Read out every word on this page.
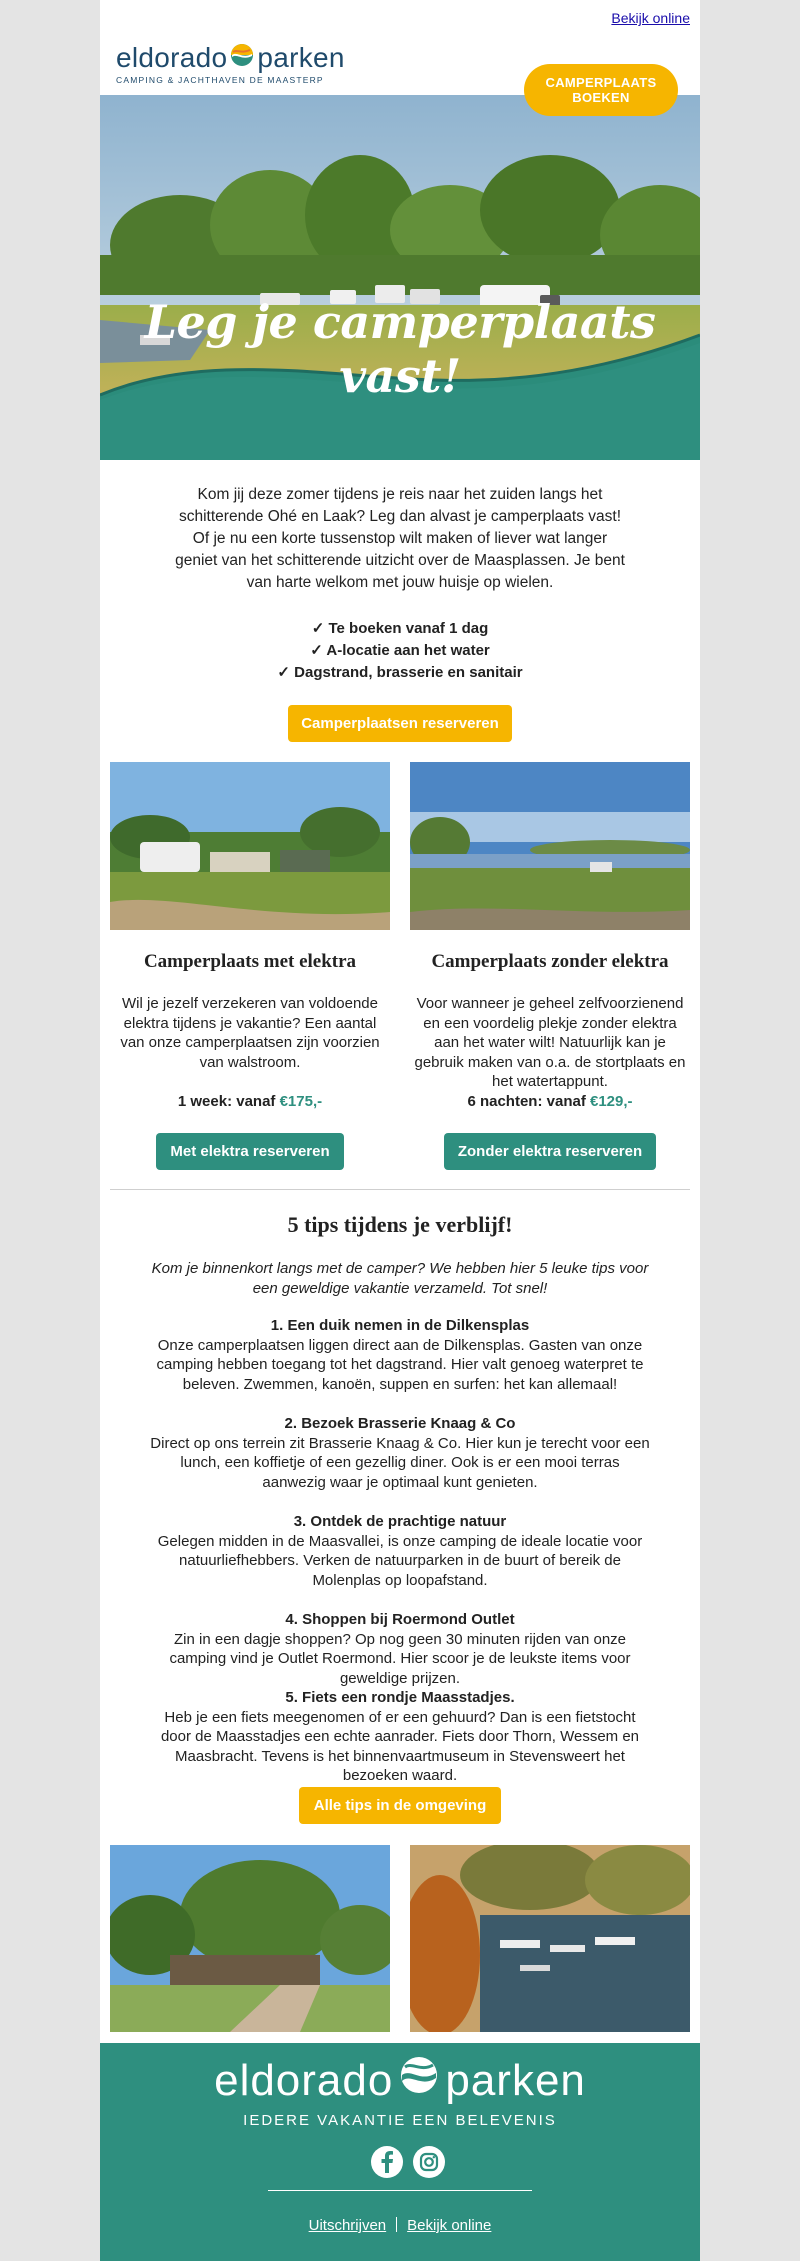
Bekijk online
eldorado parken
CAMPING & JACHTHAVEN DE MAASTERP	CAMPERPLAATS
BOEKEN
Leg je camperplaats vast!
Kom jij deze zomer tijdens je reis naar het zuiden langs het schitterende Ohé en Laak? Leg dan alvast je camperplaats vast! Of je nu een korte tussenstop wilt maken of liever wat langer geniet van het schitterende uitzicht over de Maasplassen. Je bent van harte welkom met jouw huisje op wielen.
✓ Te boeken vanaf 1 dag
✓ A-locatie aan het water
✓ Dagstrand, brasserie en sanitair
Camperplaatsen reserveren
Camperplaats met elektra	Camperplaats zonder elektra
Wil je jezelf verzekeren van voldoende elektra tijdens je vakantie? Een aantal van onze camperplaatsen zijn voorzien van walstroom.
Voor wanneer je geheel zelfvoorzienend en een voordelig plekje zonder elektra aan het water wilt! Natuurlijk kan je gebruik maken van o.a. de stortplaats en het watertappunt.
1 week: vanaf €175,-	6 nachten: vanaf €129,-
Met elektra reserveren	Zonder elektra reserveren
5 tips tijdens je verblijf!
Kom je binnenkort langs met de camper? We hebben hier 5 leuke tips voor een geweldige vakantie verzameld. Tot snel!
1. Een duik nemen in de Dilkensplas
Onze camperplaatsen liggen direct aan de Dilkensplas. Gasten van onze camping hebben toegang tot het dagstrand. Hier valt genoeg waterpret te beleven. Zwemmen, kanoën, suppen en surfen: het kan allemaal!
2. Bezoek Brasserie Knaag & Co
Direct op ons terrein zit Brasserie Knaag & Co. Hier kun je terecht voor een lunch, een koffietje of een gezellig diner. Ook is er een mooi terras aanwezig waar je optimaal kunt genieten.
3. Ontdek de prachtige natuur
Gelegen midden in de Maasvallei, is onze camping de ideale locatie voor natuurliefhebbers. Verken de natuurparken in de buurt of bereik de Molenplas op loopafstand.
4. Shoppen bij Roermond Outlet
Zin in een dagje shoppen? Op nog geen 30 minuten rijden van onze camping vind je Outlet Roermond. Hier scoor je de leukste items voor geweldige prijzen.
5. Fiets een rondje Maasstadjes.
Heb je een fiets meegenomen of er een gehuurd? Dan is een fietstocht door de Maasstadjes een echte aanrader. Fiets door Thorn, Wessem en Maasbracht. Tevens is het binnenvaartmuseum in Stevensweert het bezoeken waard.
Alle tips in de omgeving
eldorado parken
IEDERE VAKANTIE EEN BELEVENIS
Uitschrijven Bekijk online
